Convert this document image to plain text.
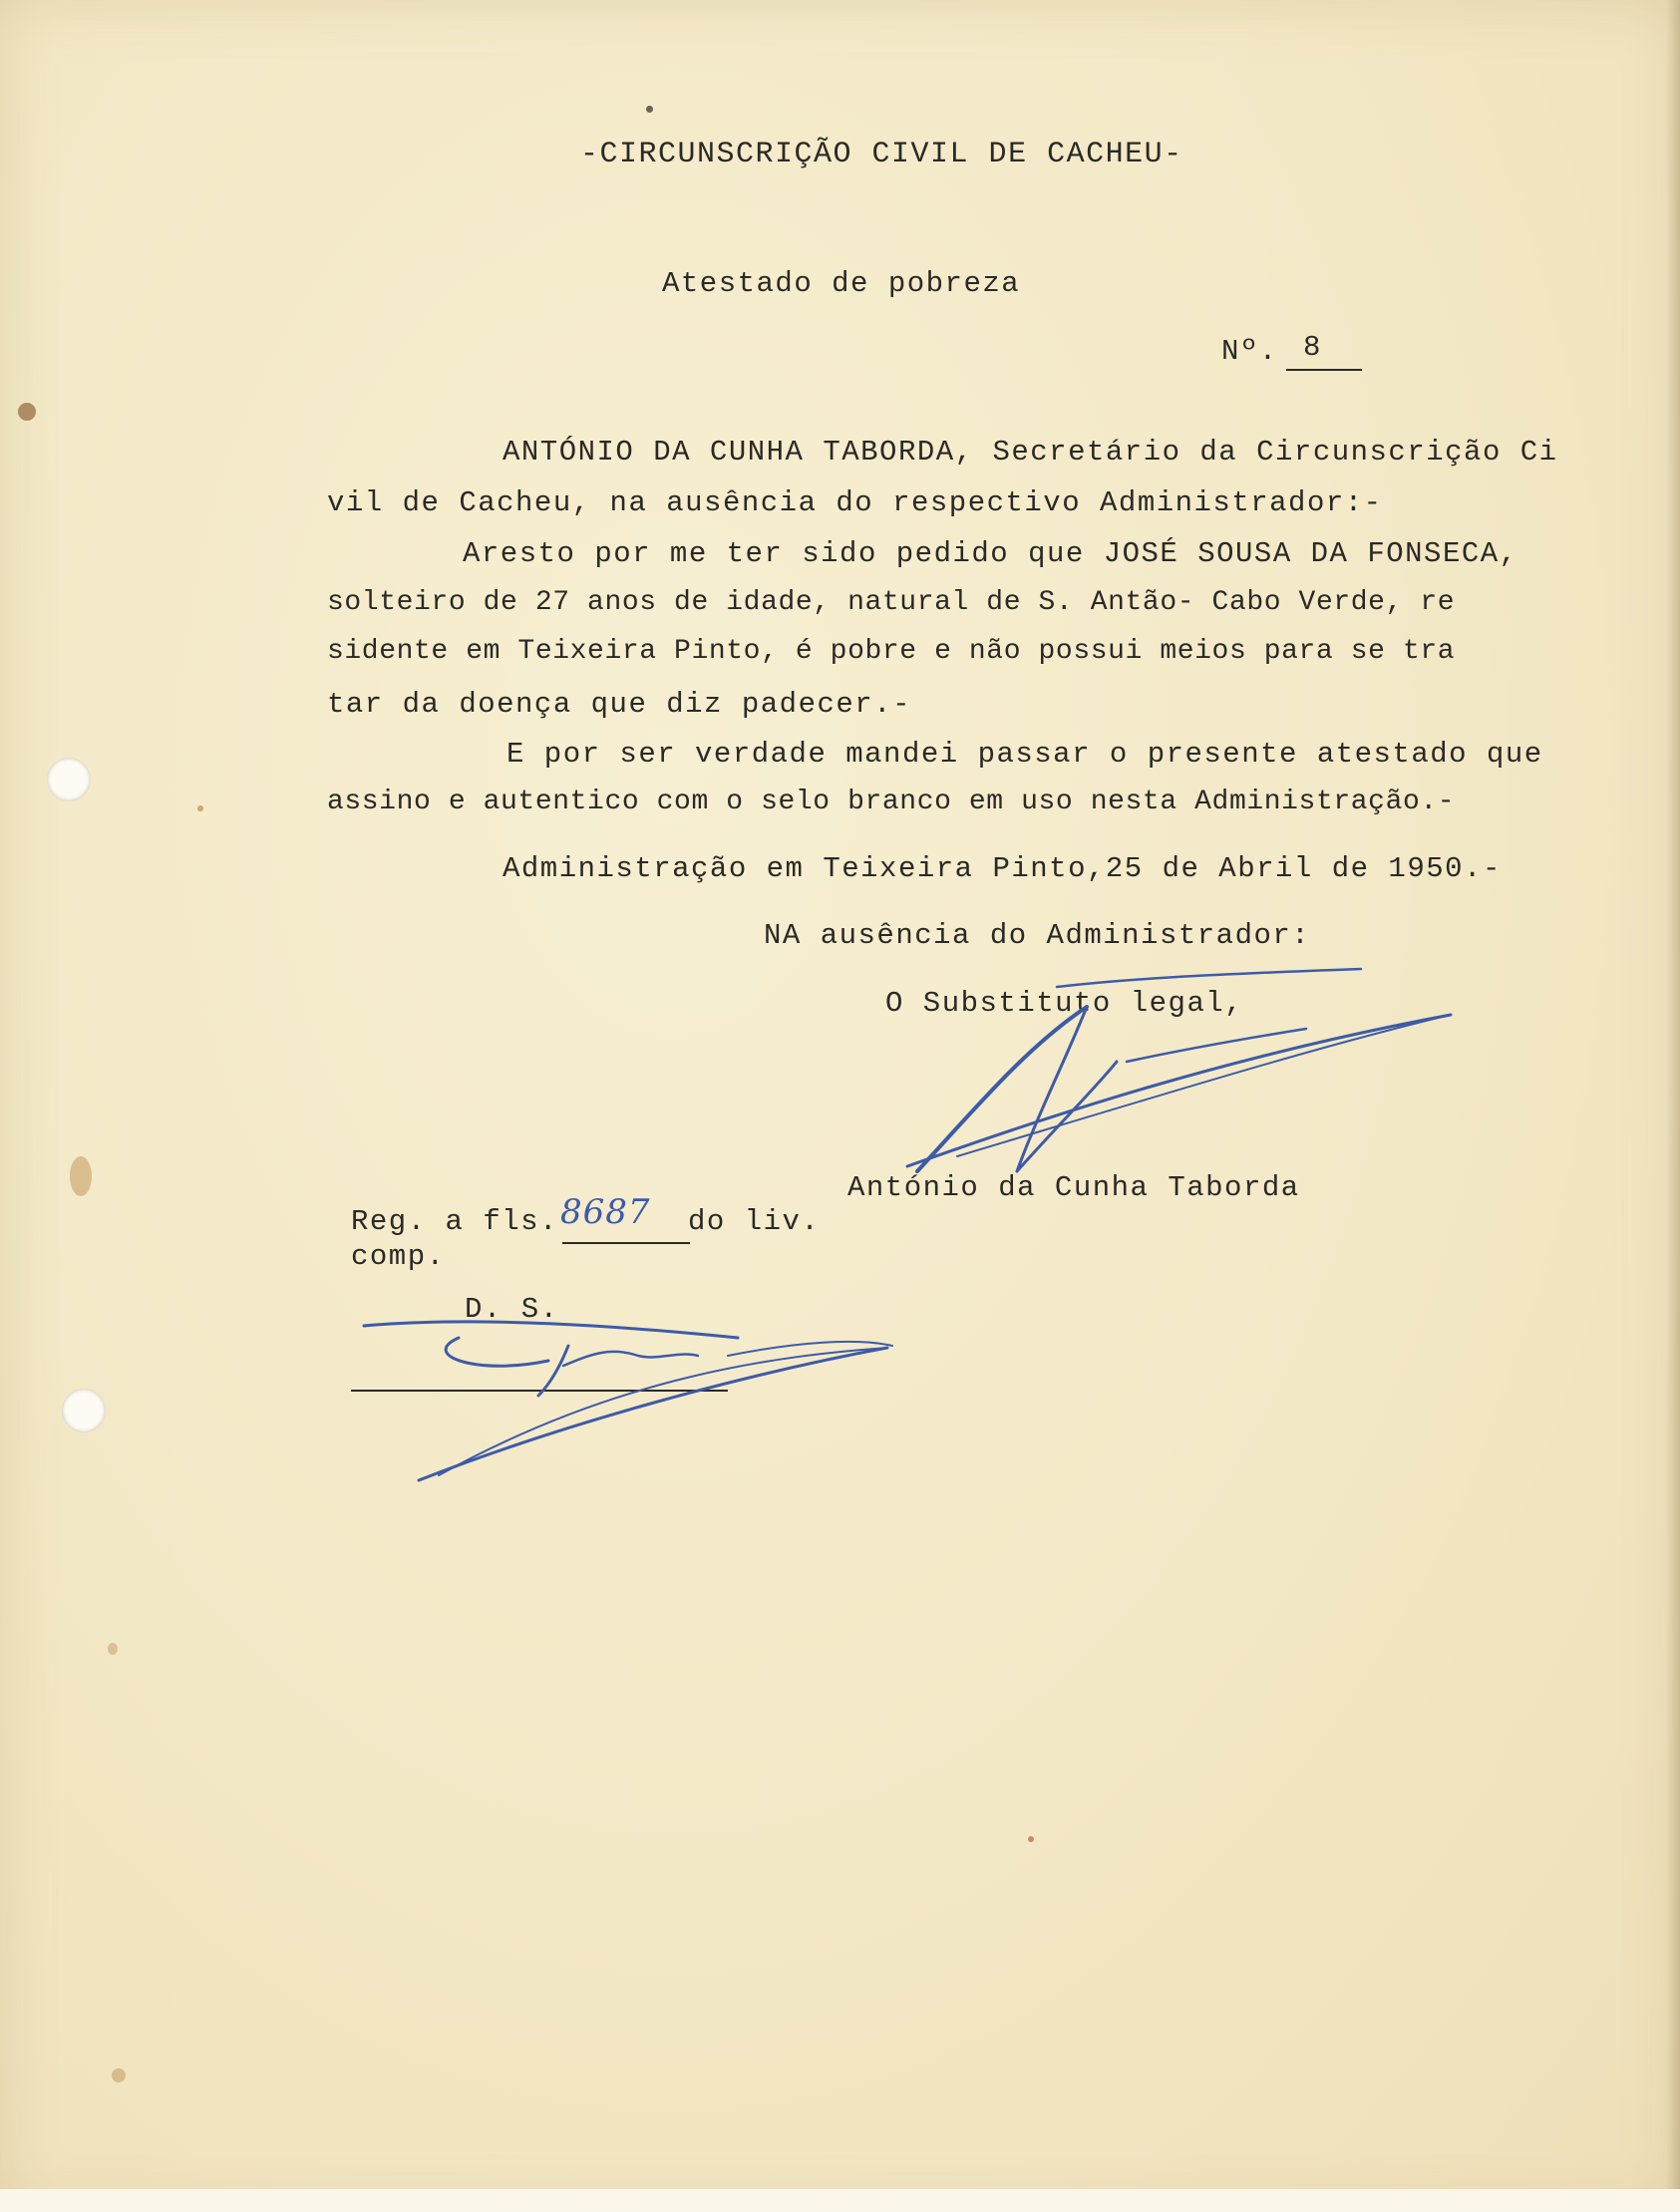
-CIRCUNSCRIÇÃO CIVIL DE CACHEU-
Atestado de pobreza
Nº. 8
ANTÓNIO DA CUNHA TABORDA, Secretário da Circunscrição Ci
vil de Cacheu, na ausência do respectivo Administrador:-
Aresto por me ter sido pedido que JOSÉ SOUSA DA FONSECA,
solteiro de 27 anos de idade, natural de S. Antão- Cabo Verde, re
sidente em Teixeira Pinto, é pobre e não possui meios para se tra
tar da doença que diz padecer.-
E por ser verdade mandei passar o presente atestado que
assino e autentico com o selo branco em uso nesta Administração.-
Administração em Teixeira Pinto,25 de Abril de 1950.-
NA ausência do Administrador:
O Substituto legal,
António da Cunha Taborda
Reg. a fls. 8687 do liv.
comp.
D. S.
